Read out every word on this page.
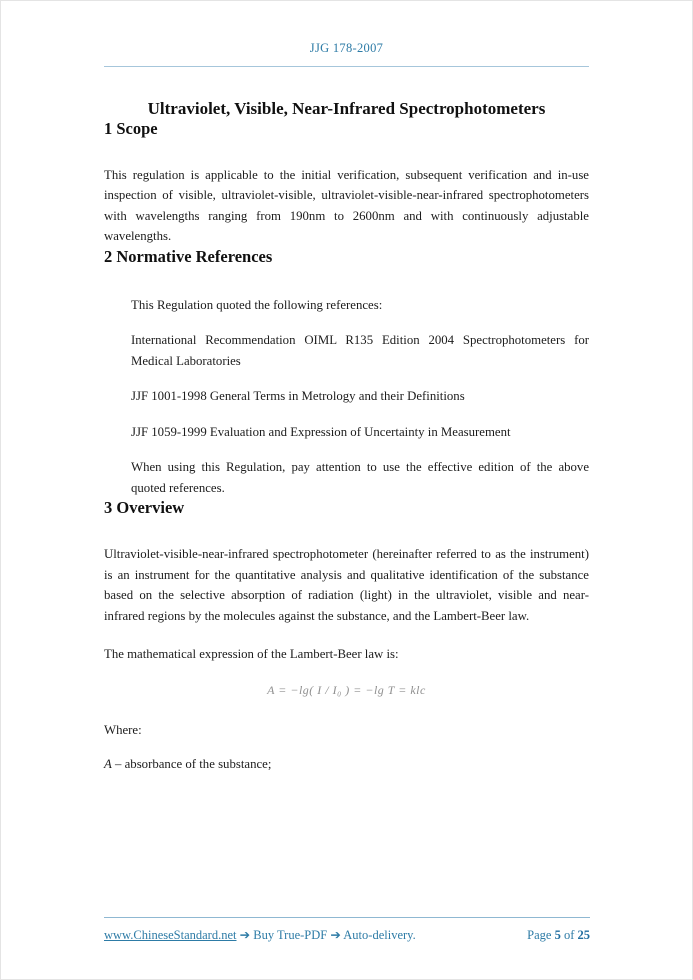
JJG 178-2007
Ultraviolet, Visible, Near-Infrared Spectrophotometers
1 Scope

This regulation is applicable to the initial verification, subsequent verification and in-use inspection of visible, ultraviolet-visible, ultraviolet-visible-near-infrared spectrophotometers with wavelengths ranging from 190nm to 2600nm and with continuously adjustable wavelengths.

2 Normative References

This Regulation quoted the following references:

International Recommendation OIML R135 Edition 2004 Spectrophotometers for Medical Laboratories

JJF 1001-1998 General Terms in Metrology and their Definitions

JJF 1059-1999 Evaluation and Expression of Uncertainty in Measurement

When using this Regulation, pay attention to use the effective edition of the above quoted references.

3 Overview

Ultraviolet-visible-near-infrared spectrophotometer (hereinafter referred to as the instrument) is an instrument for the quantitative analysis and qualitative identification of the substance based on the selective absorption of radiation (light) in the ultraviolet, visible and near-infrared regions by the molecules against the substance, and the Lambert-Beer law.

The mathematical expression of the Lambert-Beer law is:

A = −lg( I / I₀ ) = −lg T = klc

Where:

A – absorbance of the substance;

www.ChineseStandard.net ➔ Buy True-PDF ➔ Auto-delivery.	Page 5 of 25
